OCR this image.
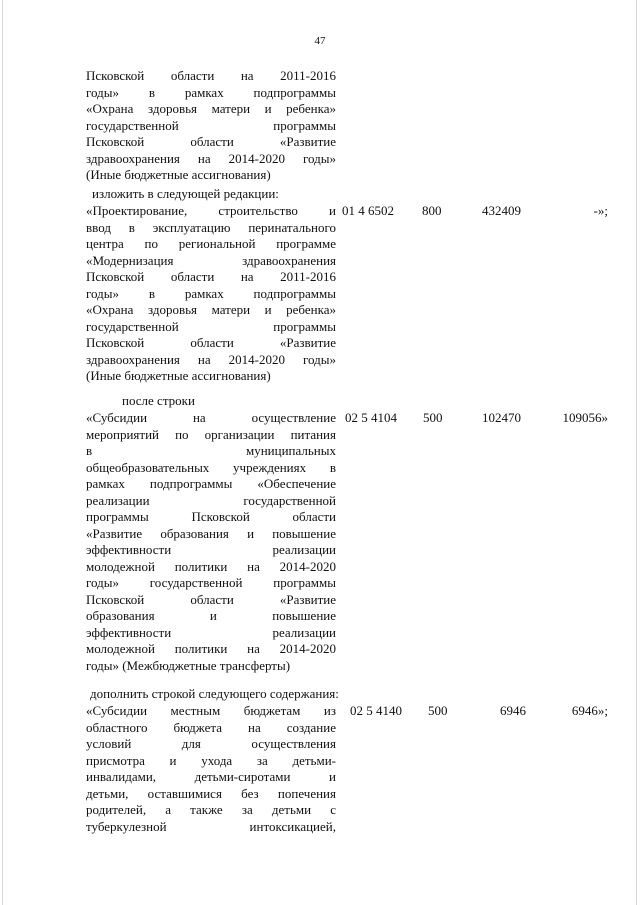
47
Псковской области на 2011-2016
годы» в рамках подпрограммы
«Охрана здоровья матери и ребенка»
государственной программы
Псковской области «Развитие
здравоохранения на 2014-2020 годы»
(Иные бюджетные ассигнования)
изложить в следующей редакции:
«Проектирование, строительство и
ввод в эксплуатацию перинатального
центра по региональной программе
«Модернизация здравоохранения
Псковской области на 2011-2016
годы» в рамках подпрограммы
«Охрана здоровья матери и ребенка»
государственной программы
Псковской области «Развитие
здравоохранения на 2014-2020 годы»
(Иные бюджетные ассигнования)
01 4 6502 800	432409	-»;
после строки
«Субсидии на осуществление
мероприятий по организации питания
в муниципальных
общеобразовательных учреждениях в
рамках подпрограммы «Обеспечение
реализации государственной
программы Псковской области
«Развитие образования и повышение
эффективности реализации
молодежной политики на 2014-2020
годы» государственной программы
Псковской области «Развитие
образования и повышение
эффективности реализации
молодежной политики на 2014-2020
годы» (Межбюджетные трансферты)
02 5 4104 500	102470	109056»
дополнить строкой следующего содержания:
«Субсидии местным бюджетам из
областного бюджета на создание
условий для осуществления
присмотра и ухода за детьми-
инвалидами, детьми-сиротами и
детьми, оставшимися без попечения
родителей, а также за детьми с
туберкулезной интоксикацией,
02 5 4140 500	6946	6946»;
